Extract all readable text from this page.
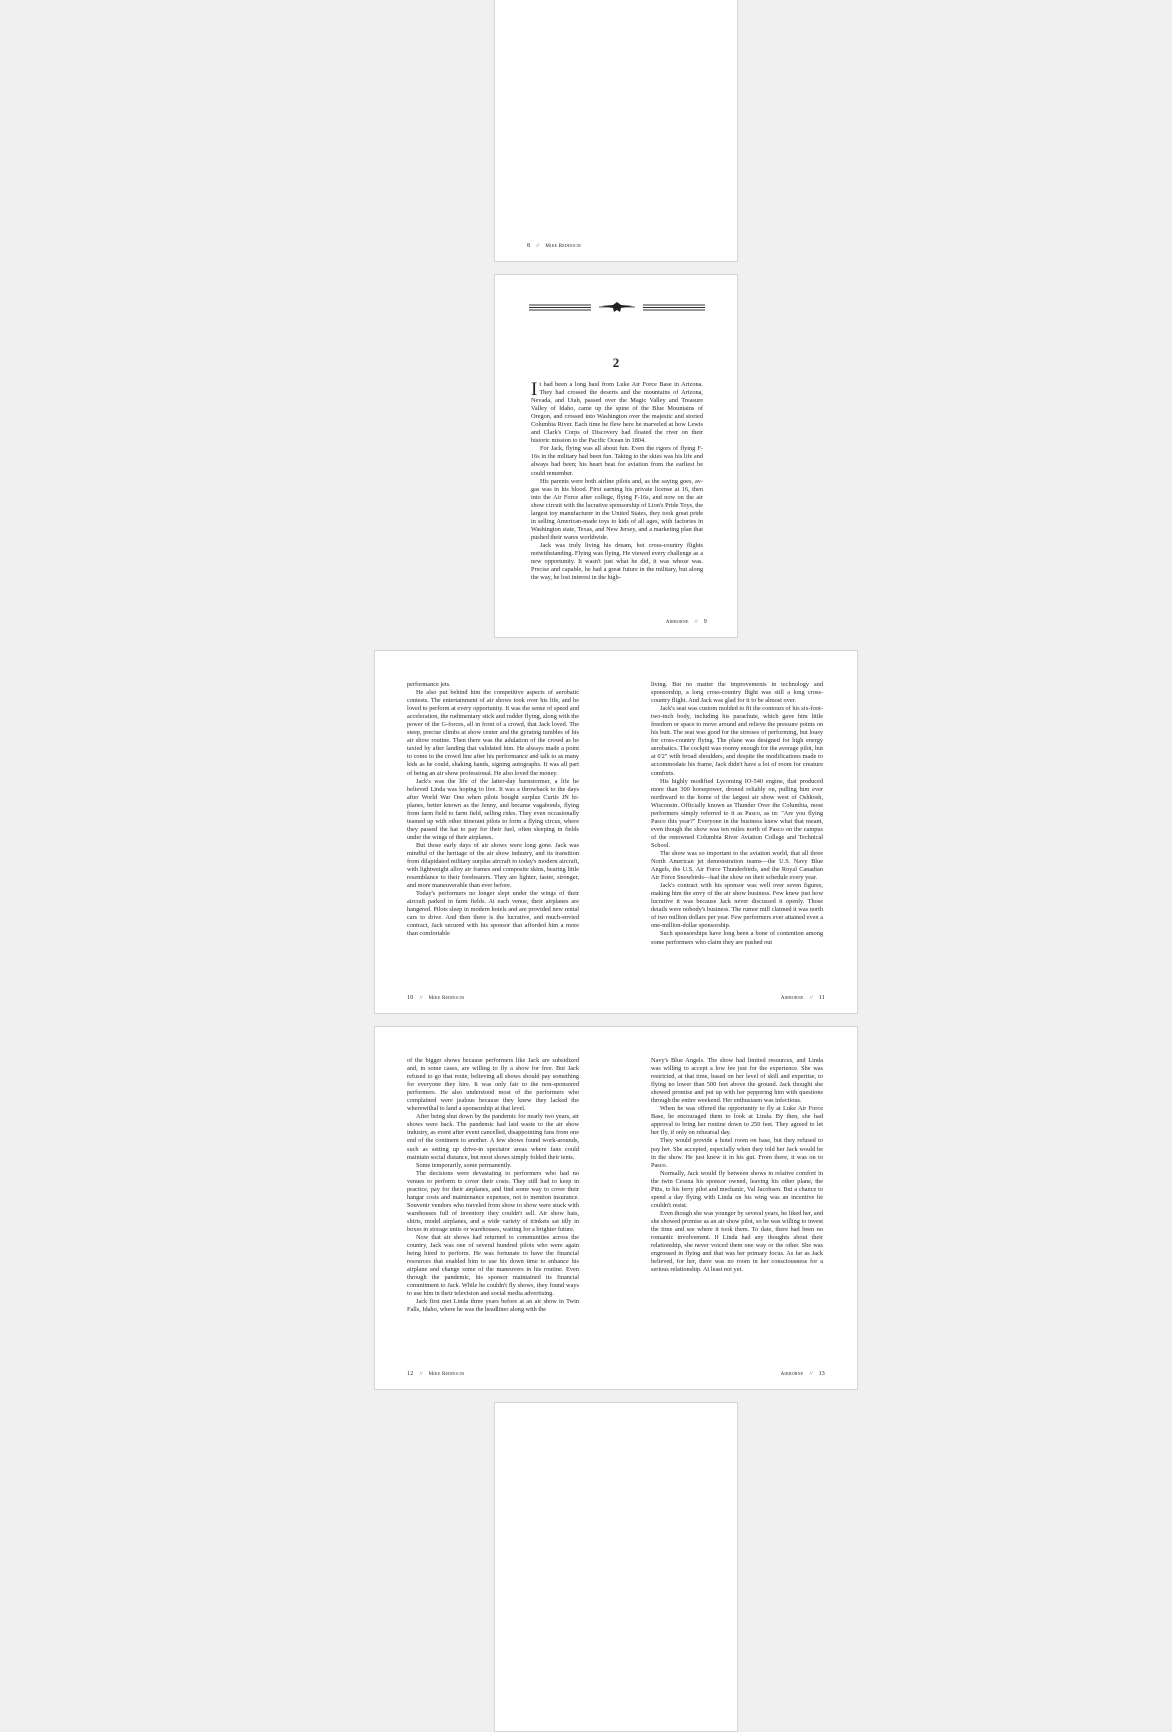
8 // Mike Reddocm
2

It had been a long haul from Luke Air Force Base in Arizona. They had crossed the deserts and the mountains of Arizona, Nevada, and Utah, passed over the Magic Valley and Treasure Valley of Idaho, came up the spine of the Blue Mountains of Oregon, and crossed into Washington over the majestic and storied Columbia River. Each time he flew here he marveled at how Lewis and Clark's Corps of Discovery had floated the river on their historic mission to the Pacific Ocean in 1804.

For Jack, flying was all about fun. Even the rigors of flying F-16s in the military had been fun. Taking to the skies was his life and always had been; his heart beat for aviation from the earliest he could remember.

His parents were both airline pilots and, as the saying goes, av-gas was in his blood. First earning his private license at 16, then into the Air Force after college, flying F-16s, and now on the air show circuit with the lucrative sponsorship of Lion's Pride Toys, the largest toy manufacturer in the United States, they took great pride in selling American-made toys to kids of all ages, with factories in Washington state, Texas, and New Jersey, and a marketing plan that pushed their wares worldwide.

Jack was truly living his dream, hot cross-country flights notwithstanding. Flying was flying. He viewed every challenge as a new opportunity. It wasn't just what he did, it was whose was. Precise and capable, he had a great future in the military, but along the way, he lost interest in the high-

Airborne // 9

performance jets.

He also put behind him the competitive aspects of aerobatic contests. The entertainment of air shows took over his life, and he loved to perform at every opportunity. It was the sense of speed and acceleration, the rudimentary stick and rudder flying, along with the power of the G-forces, all in front of a crowd, that Jack loved. The steep, precise climbs at show center and the gyrating tumbles of his air show routine. Then there was the adulation of the crowd as he taxied by after landing that validated him. He always made a point to come to the crowd line after his performance and talk to as many kids as he could, shaking hands, signing autographs. It was all part of being an air show professional. He also loved the money.

Jack's was the life of the latter-day barnstormer, a life he believed Linda was hoping to live. It was a throwback to the days after World War One when pilots bought surplus Curtis JN bi-planes, better known as the Jenny, and became vagabonds, flying from farm field to farm field, selling rides. They even occasionally teamed up with other itinerant pilots to form a flying circus, where they passed the hat to pay for their fuel, often sleeping in fields under the wings of their airplanes.

But those early days of air shows were long gone. Jack was mindful of the heritage of the air show industry, and its transition from dilapidated military surplus aircraft to today's modern aircraft, with lightweight alloy air frames and composite skins, bearing little resemblance to their forebearers. They are lighter, faster, stronger, and more maneuverable than ever before.

Today's performers no longer slept under the wings of their aircraft parked in farm fields. At each venue, their airplanes are hangered. Pilots sleep in modern hotels and are provided new rental cars to drive. And then there is the lucrative, and much-envied contract, Jack secured with his sponsor that afforded him a more than comfortable

living. But no matter the improvements in technology and sponsorship, a long cross-country flight was still a long cross-country flight. And Jack was glad for it to be almost over.

Jack's seat was custom molded to fit the contours of his six-foot-two-inch body, including his parachute, which gave him little freedom or space to move around and relieve the pressure points on his butt. The seat was good for the stresses of performing, but lousy for cross-country flying. The plane was designed for high energy aerobatics. The cockpit was roomy enough for the average pilot, but at 6'2" with broad shoulders, and despite the modifications made to accommodate his frame, Jack didn't have a lot of room for creature comforts.

His highly modified Lycoming IO-540 engine, that produced more than 300 horsepower, droned reliably on, pulling him ever northward to the home of the largest air show west of Oshkosh, Wisconsin. Officially known as Thunder Over the Columbia, most performers simply referred to it as Pasco, as in: "Are you flying Pasco this year?" Everyone in the business knew what that meant, even though the show was ten miles north of Pasco on the campus of the renowned Columbia River Aviation College and Technical School.

The show was so important to the aviation world, that all three North American jet demonstration teams—the U.S. Navy Blue Angels, the U.S. Air Force Thunderbirds, and the Royal Canadian Air Force Snowbirds—had the show on their schedule every year.

Jack's contract with his sponsor was well over seven figures, making him the envy of the air show business. Few knew just how lucrative it was because Jack never discussed it openly. Those details were nobody's business. The rumor mill claimed it was north of two million dollars per year. Few performers ever attained even a one-million-dollar sponsorship.

Such sponsorships have long been a bone of contention among some performers who claim they are pushed out

10 // Mike Reddocm	Airborne // 11

of the bigger shows because performers like Jack are subsidized and, in some cases, are willing to fly a show for free. But Jack refused to go that route, believing all shows should pay something for everyone they hire. It was only fair to the non-sponsored performers. He also understood most of the performers who complained were jealous because they knew they lacked the wherewithal to land a sponsorship at that level.

After being shut down by the pandemic for nearly two years, air shows were back. The pandemic had laid waste to the air show industry, as event after event cancelled, disappointing fans from one end of the continent to another. A few shows found work-arounds, such as setting up drive-in spectator areas where fans could maintain social distance, but most shows simply folded their tents.

Some temporarily, some permanently.

The decisions were devastating to performers who had no venues to perform to cover their costs. They still had to keep in practice, pay for their airplanes, and find some way to cover their hangar costs and maintenance expenses, not to mention insurance. Souvenir vendors who traveled from show to show were stuck with warehouses full of inventory they couldn't sell. Air show hats, shirts, model airplanes, and a wide variety of trinkets sat idly in boxes in storage units or warehouses, waiting for a brighter future.

Now that air shows had returned to communities across the country, Jack was one of several hundred pilots who were again being hired to perform. He was fortunate to have the financial resources that enabled him to use his down time to enhance his airplane and change some of the maneuvers in his routine. Even through the pandemic, his sponsor maintained its financial commitment to Jack. While he couldn't fly shows, they found ways to use him in their television and social media advertising.

Jack first met Linda three years before at an air show in Twin Falls, Idaho, where he was the headliner along with the

Navy's Blue Angels. The show had limited resources, and Linda was willing to accept a low fee just for the experience. She was restricted, at that time, based on her level of skill and expertise, to flying no lower than 500 feet above the ground. Jack thought she showed promise and put up with her peppering him with questions through the entire weekend. Her enthusiasm was infectious.

When he was offered the opportunity to fly at Luke Air Force Base, he encouraged them to look at Linda. By then, she had approval to bring her routine down to 250 feet. They agreed to let her fly, if only on rehearsal day.

They would provide a hotel room on base, but they refused to pay her. She accepted, especially when they told her Jack would be in the show. He just knew it in his gut. From there, it was on to Pasco.

Normally, Jack would fly between shows in relative comfort in the twin Cessna his sponsor owned, leaving his other plane, the Pitts, to his ferry pilot and mechanic, Val Jacobsen. But a chance to spend a day flying with Linda on his wing was an incentive he couldn't resist.

Even though she was younger by several years, he liked her, and she showed promise as an air show pilot, so he was willing to invest the time and see where it took them. To date, there had been no romantic involvement. If Linda had any thoughts about their relationship, she never voiced them one way or the other. She was engrossed in flying and that was her primary focus. As far as Jack believed, for her, there was no room in her consciousness for a serious relationship. At least not yet.

12 // Mike Reddocm	Airborne // 13
